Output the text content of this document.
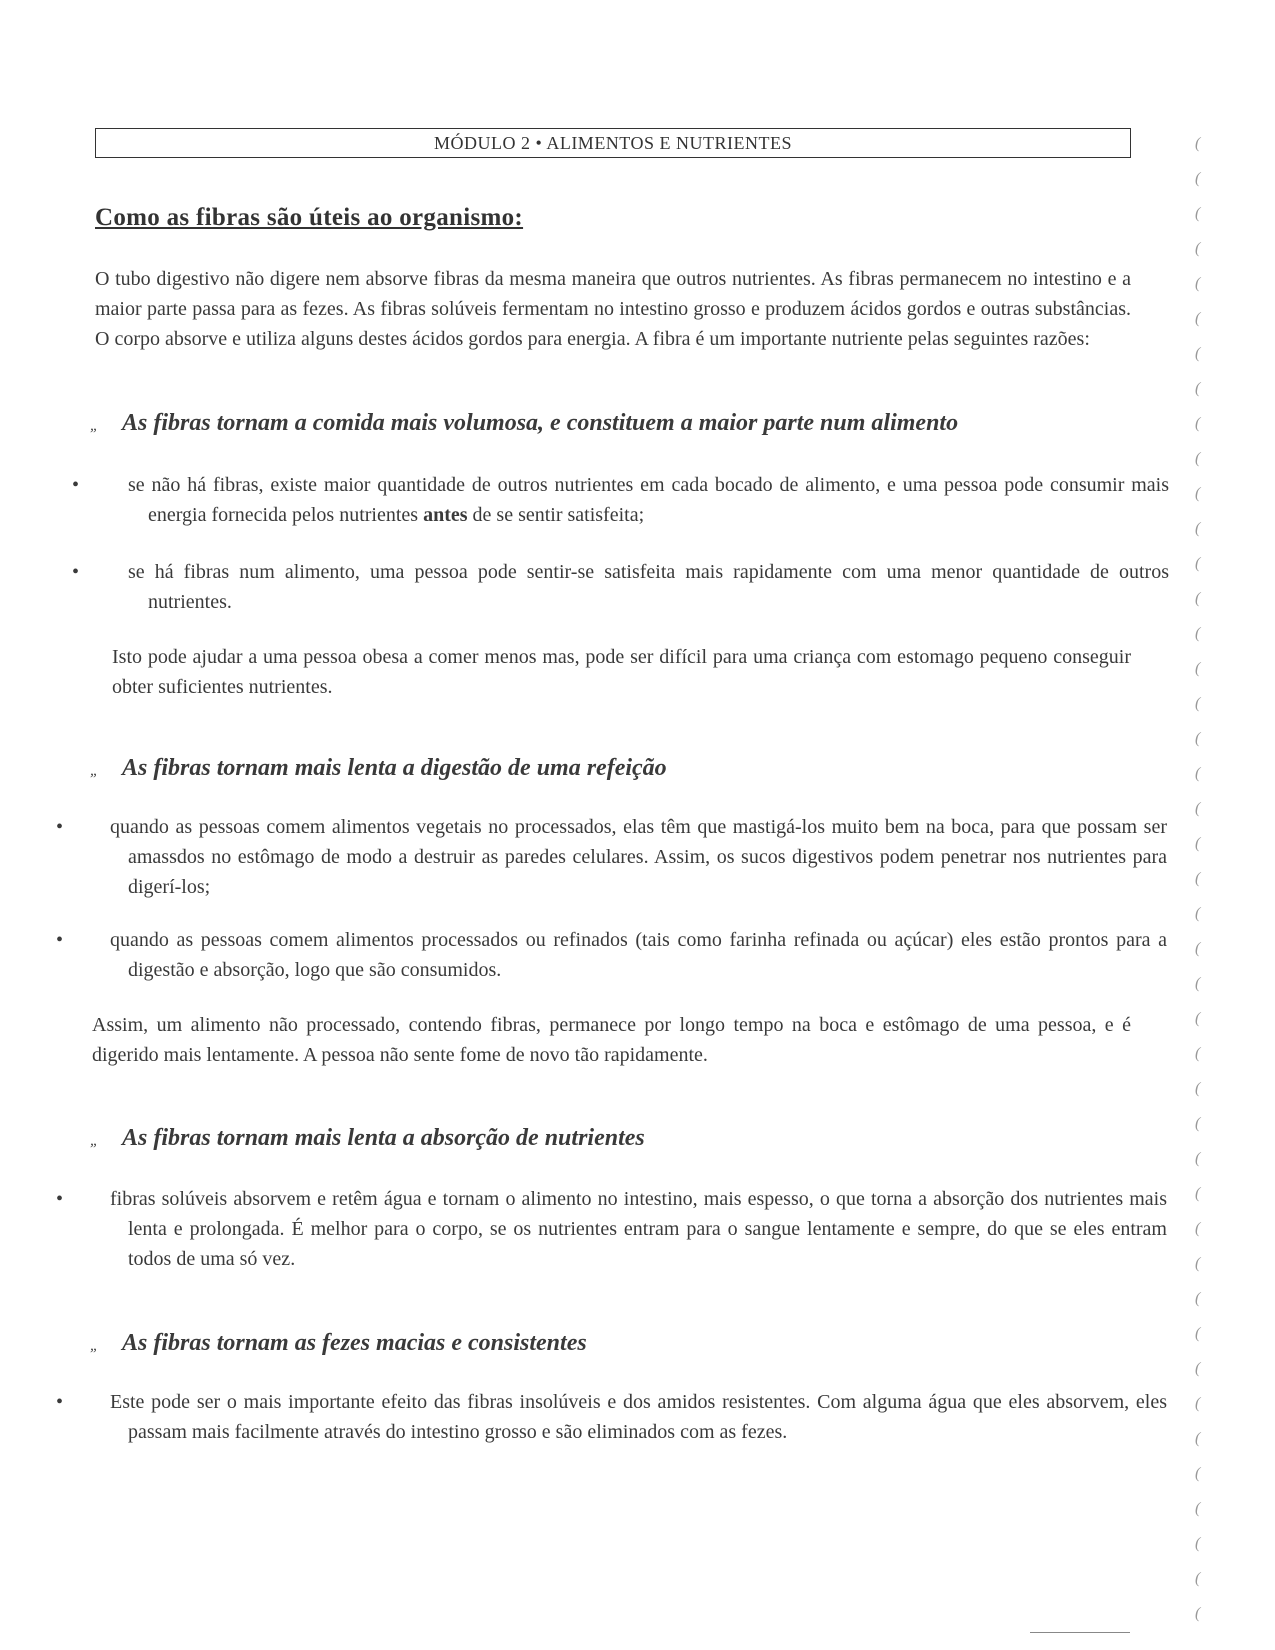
MÓDULO 2 • ALIMENTOS E NUTRIENTES
Como as fibras são úteis ao organismo:

O tubo digestivo não digere nem absorve fibras da mesma maneira que outros nutrientes. As fibras permanecem no intestino e a maior parte passa para as fezes. As fibras solúveis fermentam no intestino grosso e produzem ácidos gordos e outras substâncias. O corpo absorve e utiliza alguns destes ácidos gordos para energia. A fibra é um importante nutriente pelas seguintes razões:

„ As fibras tornam a comida mais volumosa, e constituem a maior parte num alimento

• se não há fibras, existe maior quantidade de outros nutrientes em cada bocado de alimento, e uma pessoa pode consumir mais energia fornecida pelos nutrientes antes de se sentir satisfeita;

• se há fibras num alimento, uma pessoa pode sentir-se satisfeita mais rapidamente com uma menor quantidade de outros nutrientes.

Isto pode ajudar a uma pessoa obesa a comer menos mas, pode ser difícil para uma criança com estomago pequeno conseguir obter suficientes nutrientes.

„ As fibras tornam mais lenta a digestão de uma refeição

• quando as pessoas comem alimentos vegetais no processados, elas têm que mastigá-los muito bem na boca, para que possam ser amassdos no estômago de modo a destruir as paredes celulares. Assim, os sucos digestivos podem penetrar nos nutrientes para digerí-los;

• quando as pessoas comem alimentos processados ou refinados (tais como farinha refinada ou açúcar) eles estão prontos para a digestão e absorção, logo que são consumidos.

Assim, um alimento não processado, contendo fibras, permanece por longo tempo na boca e estômago de uma pessoa, e é digerido mais lentamente. A pessoa não sente fome de novo tão rapidamente.

„ As fibras tornam mais lenta a absorção de nutrientes

• fibras solúveis absorvem e retêm água e tornam o alimento no intestino, mais espesso, o que torna a absorção dos nutrientes mais lenta e prolongada. É melhor para o corpo, se os nutrientes entram para o sangue lentamente e sempre, do que se eles entram todos de uma só vez.

„ As fibras tornam as fezes macias e consistentes

• Este pode ser o mais importante efeito das fibras insolúveis e dos amidos resistentes. Com alguma água que eles absorvem, eles passam mais facilmente através do intestino grosso e são eliminados com as fezes.

(
(
(
(
(
(
(
(
(
(
(
(
(
(
(
(
(
(
(
(
(
(
(
(
(
(
(
(
(
(
(
(
(
(
(
(
(
(
(
(
(
(
(
